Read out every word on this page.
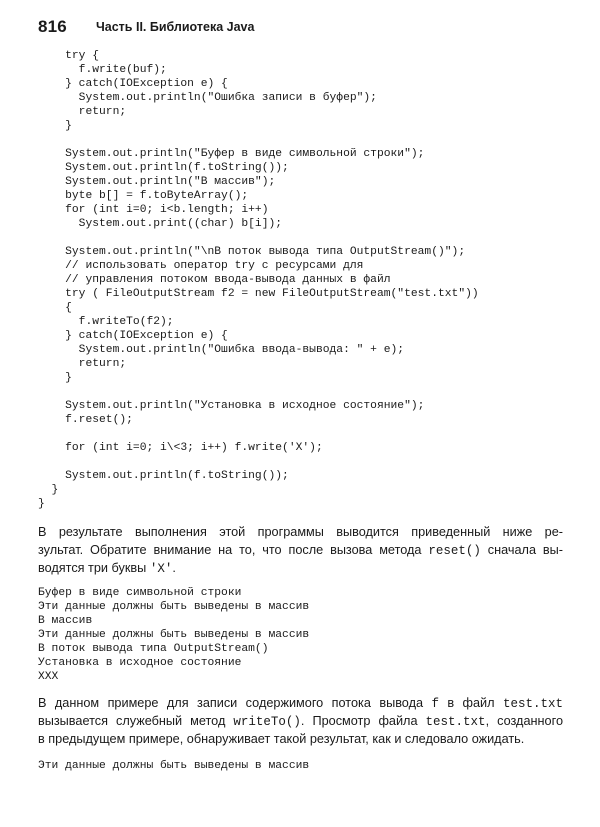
816 Часть II. Библиотека Java
try {
f.write(buf);
} catch(IOException e) {
System.out.println("Ошибка записи в буфер");
return;
}
System.out.println("Буфер в виде символьной строки");
System.out.println(f.toString());
System.out.println("В массив");
byte b[] = f.toByteArray();
for (int i=0; i<b.length; i++)
System.out.print((char) b[i]);
System.out.println("\nВ поток вывода типа OutputStream()");
// использовать оператор try с ресурсами для
// управления потоком ввода-вывода данных в файл
try ( FileOutputStream f2 = new FileOutputStream("test.txt"))
{
f.writeTo(f2);
} catch(IOException e) {
System.out.println("Ошибка ввода-вывода: " + e);
return;
}
System.out.println("Установка в исходное состояние");
f.reset();
for (int i=0; i\<3; i++) f.write('X');
System.out.println(f.toString());
}
}
В результате выполнения этой программы выводится приведенный ниже ре-
зультат. Обратите внимание на то, что после вызова метода reset() сначала вы-
водятся три буквы 'X'.
Буфер в виде символьной строки
Эти данные должны быть выведены в массив
В массив
Эти данные должны быть выведены в массив
В поток вывода типа OutputStream()
Установка в исходное состояние
XXX
В данном примере для записи содержимого потока вывода f в файл test.txt
вызывается служебный метод writeTo(). Просмотр файла test.txt, созданного
в предыдущем примере, обнаруживает такой результат, как и следовало ожидать.
Эти данные должны быть выведены в массив
